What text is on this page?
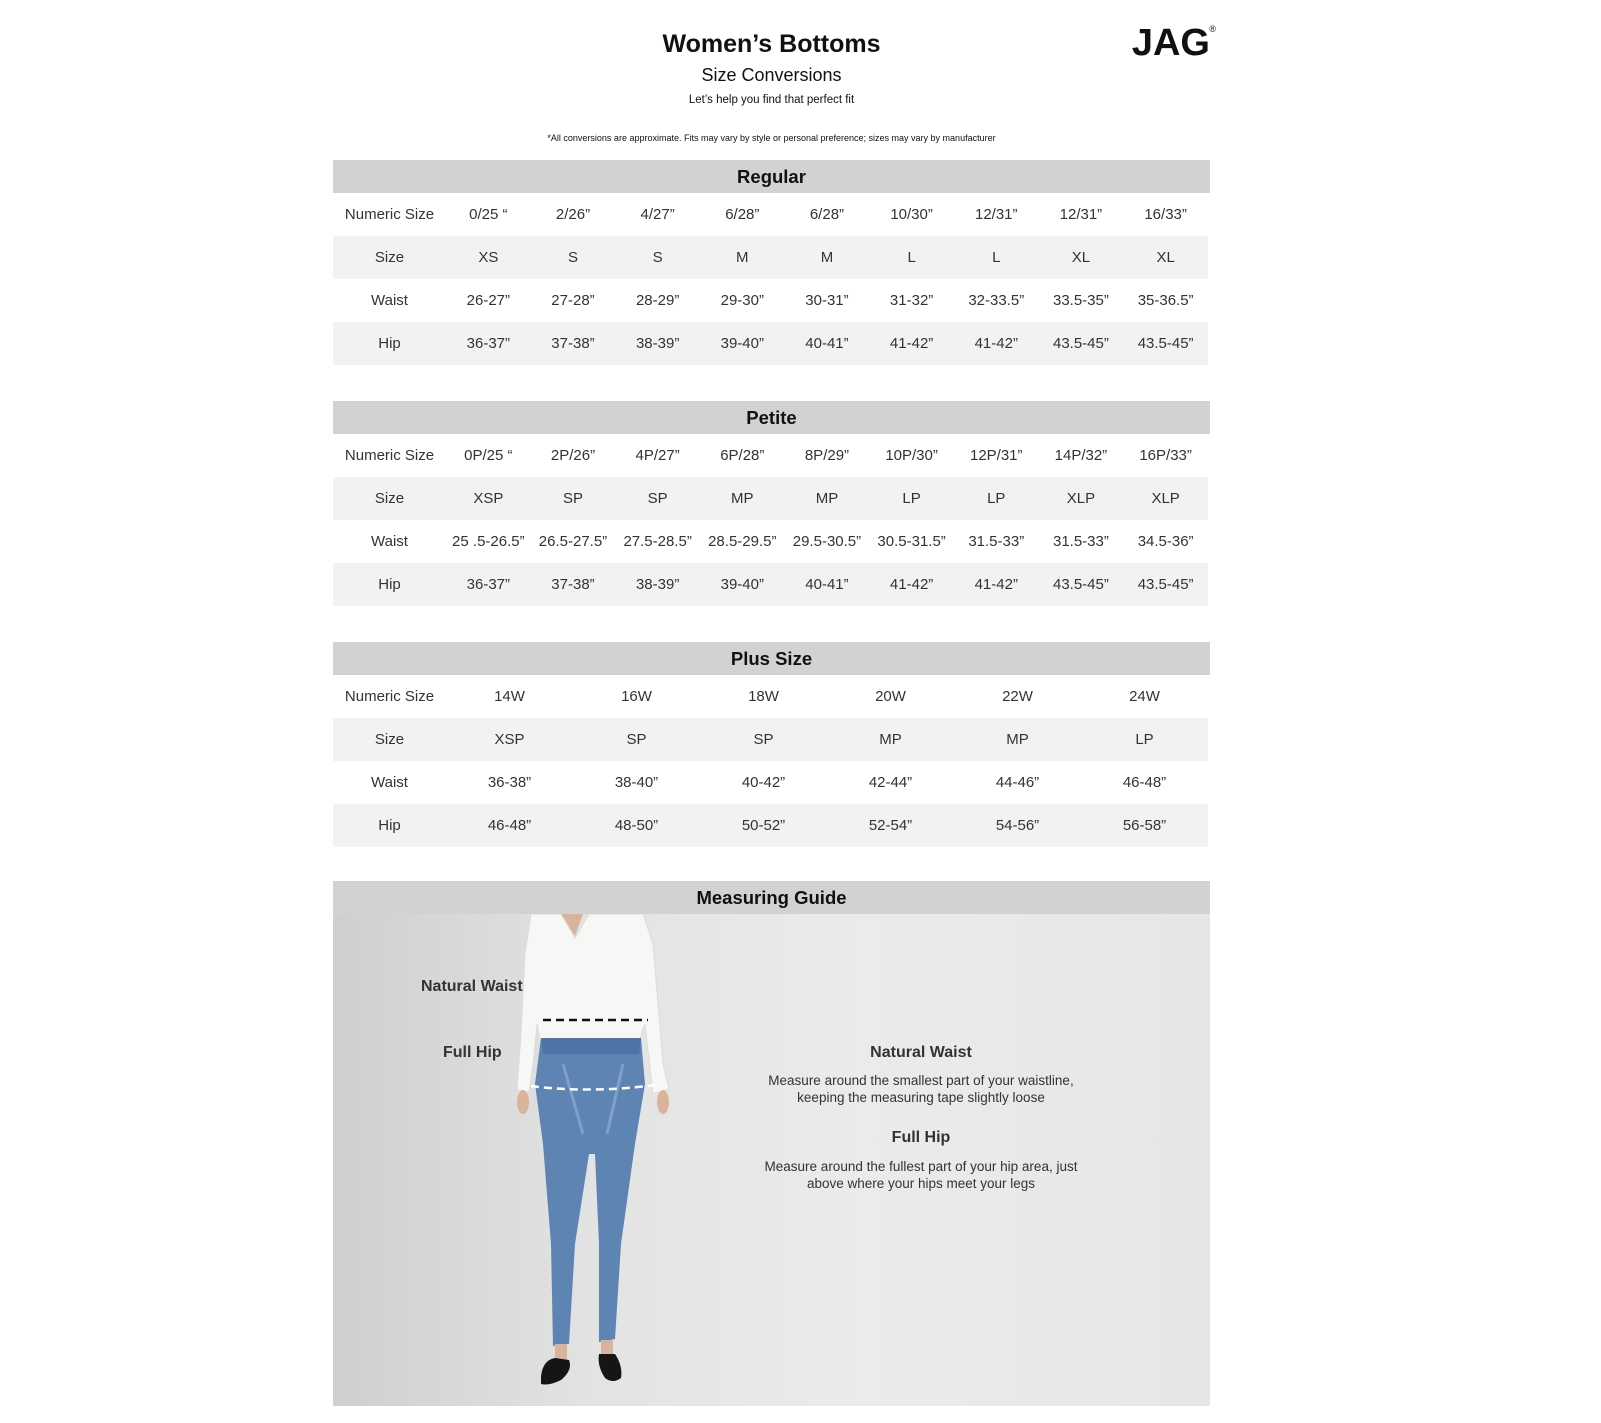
Women’s Bottoms
Size Conversions
Let’s help you find that perfect fit
*All conversions are approximate. Fits may vary by style or personal preference; sizes may vary by manufacturer
JAG ®
Regular
Numeric Size	0/25 “	2/26”	4/27”	6/28”	6/28”	10/30”	12/31”	12/31”	16/33”
Size	XS	S	S	M	M	L	L	XL	XL
Waist	26-27”	27-28”	28-29”	29-30”	30-31”	31-32”	32-33.5”	33.5-35”	35-36.5”
Hip	36-37”	37-38”	38-39”	39-40”	40-41”	41-42”	41-42”	43.5-45”	43.5-45”
Petite
Numeric Size	0P/25 “	2P/26”	4P/27”	6P/28”	8P/29”	10P/30”	12P/31”	14P/32”	16P/33”
Size	XSP	SP	SP	MP	MP	LP	LP	XLP	XLP
Waist	25 .5-26.5”	26.5-27.5”	27.5-28.5”	28.5-29.5”	29.5-30.5”	30.5-31.5”	31.5-33”	31.5-33”	34.5-36”
Hip	36-37”	37-38”	38-39”	39-40”	40-41”	41-42”	41-42”	43.5-45”	43.5-45”
Plus Size
Numeric Size	14W	16W	18W	20W	22W	24W
Size	XSP	SP	SP	MP	MP	LP
Waist	36-38”	38-40”	40-42”	42-44”	44-46”	46-48”
Hip	46-48”	48-50”	50-52”	52-54”	54-56”	56-58”
Measuring Guide
Natural Waist
Full Hip	Natural Waist
Measure around the smallest part of your waistline,
keeping the measuring tape slightly loose
Full Hip
Measure around the fullest part of your hip area, just
above where your hips meet your legs
